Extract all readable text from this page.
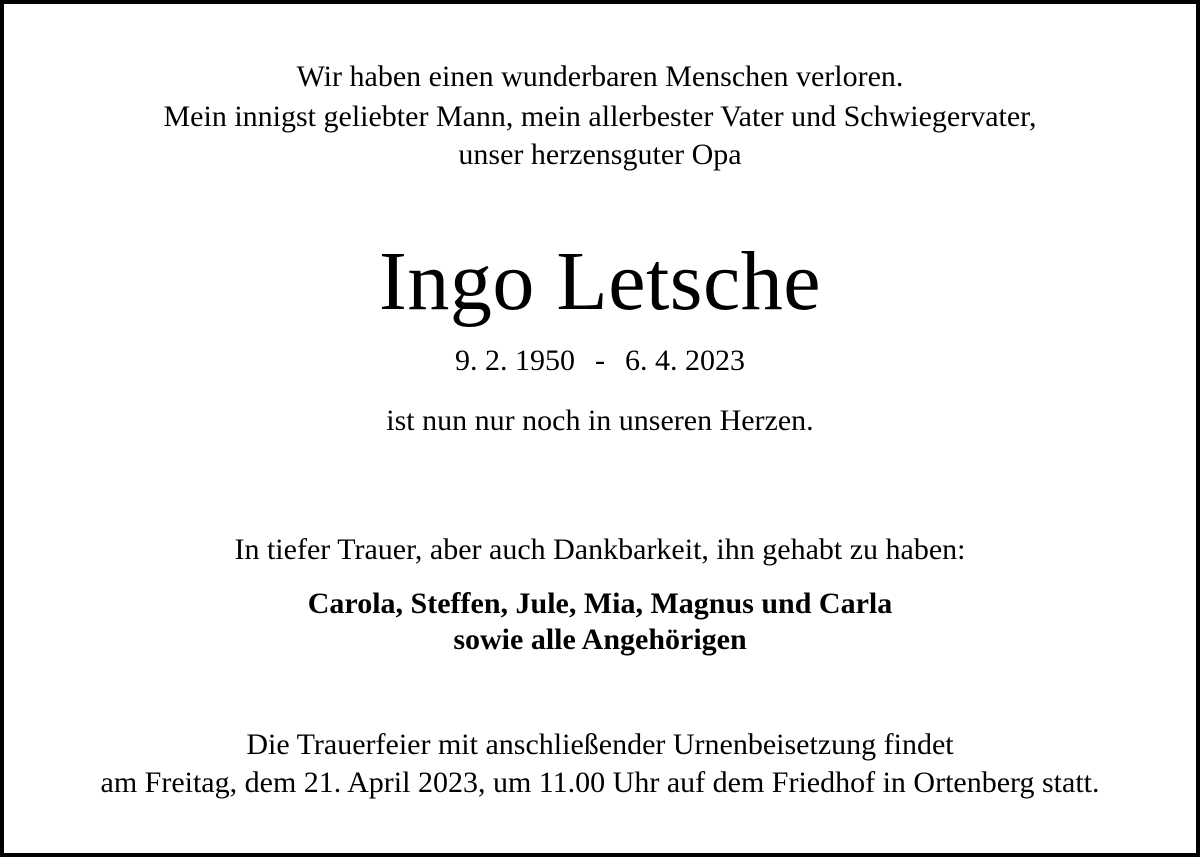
Wir haben einen wunderbaren Menschen verloren.
Mein innigst geliebter Mann, mein allerbester Vater und Schwiegervater,
unser herzensguter Opa
Ingo Letsche
9. 2. 1950 - 6. 4. 2023
ist nun nur noch in unseren Herzen.
In tiefer Trauer, aber auch Dankbarkeit, ihn gehabt zu haben:
Carola, Steffen, Jule, Mia, Magnus und Carla
sowie alle Angehörigen
Die Trauerfeier mit anschließender Urnenbeisetzung findet
am Freitag, dem 21. April 2023, um 11.00 Uhr auf dem Friedhof in Ortenberg statt.
